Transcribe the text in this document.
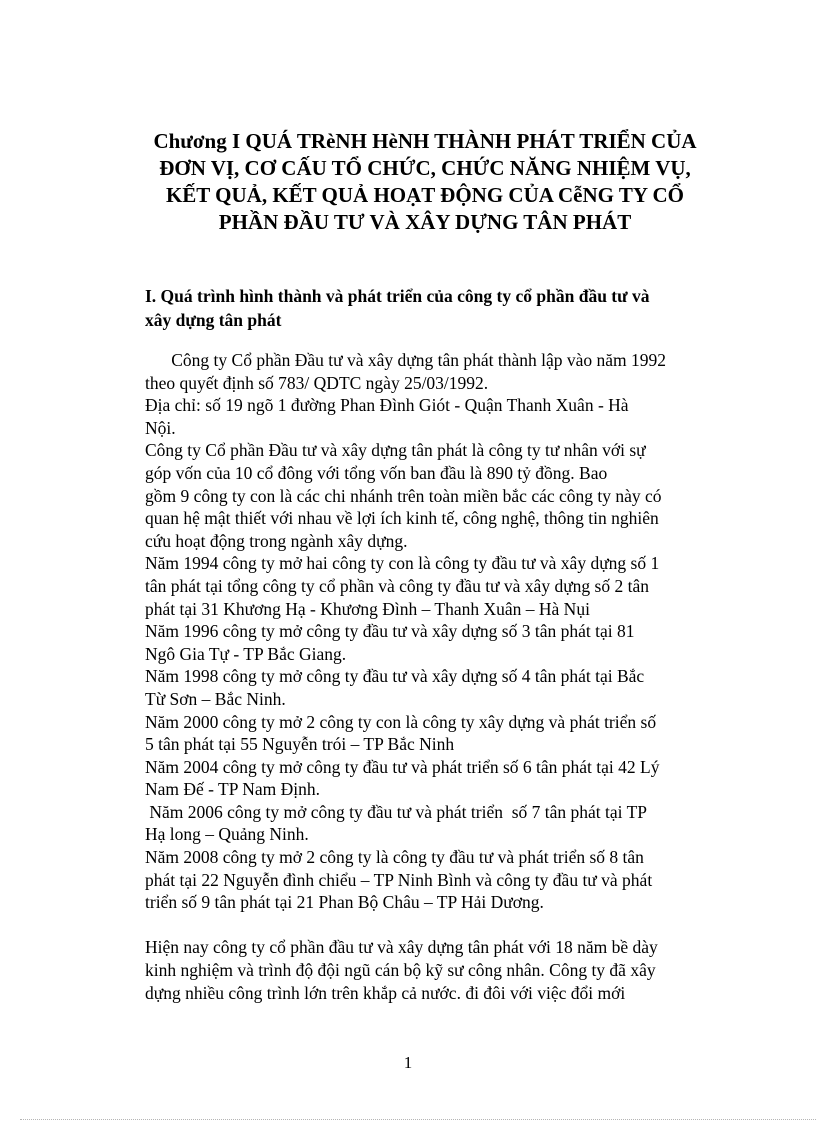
Chương I QUÁ TRèNH HèNH THÀNH PHÁT TRIỂN CỦA
ĐƠN VỊ, CƠ CẤU TỔ CHỨC, CHỨC NĂNG NHIỆM VỤ,
KẾT QUẢ, KẾT QUẢ HOẠT ĐỘNG CỦA CễNG TY CỔ
PHẦN ĐẦU TƯ VÀ XÂY DỰNG TÂN PHÁT
I. Quá trình hình thành và phát triển của công ty cổ phần đầu tư và
xây dựng tân phát
Công ty Cổ phần Đầu tư và xây dựng tân phát thành lập vào năm 1992
theo quyết định số 783/ QDTC ngày 25/03/1992.
Địa chỉ: số 19 ngõ 1 đường Phan Đình Giót - Quận Thanh Xuân - Hà
Nội.
Công ty Cổ phần Đầu tư và xây dựng tân phát là công ty tư nhân với sự
góp vốn của 10 cổ đông với tổng vốn ban đầu là 890 tỷ đồng. Bao
gồm 9 công ty con là các chi nhánh trên toàn miền bắc các công ty này có
quan hệ mật thiết với nhau về lợi ích kinh tế, công nghệ, thông tin nghiên
cứu hoạt động trong ngành xây dựng.
Năm 1994 công ty mở hai công ty con là công ty đầu tư và xây dựng số 1
tân phát tại tổng công ty cổ phần và công ty đầu tư và xây dựng số 2 tân
phát tại 31 Khương Hạ - Khương Đình – Thanh Xuân – Hà Nụi
Năm 1996 công ty mở công ty đầu tư và xây dựng số 3 tân phát tại 81
Ngô Gia Tự - TP Bắc Giang.
Năm 1998 công ty mở công ty đầu tư và xây dựng số 4 tân phát tại Bắc
Từ Sơn – Bắc Ninh.
Năm 2000 công ty mở 2 công ty con là công ty xây dựng và phát triển số
5 tân phát tại 55 Nguyễn trói – TP Bắc Ninh
Năm 2004 công ty mở công ty đầu tư và phát triển số 6 tân phát tại 42 Lý
Nam Đế - TP Nam Định.
Năm 2006 công ty mở công ty đầu tư và phát triển  số 7 tân phát tại TP
Hạ long – Quảng Ninh.
Năm 2008 công ty mở 2 công ty là công ty đầu tư và phát triển số 8 tân
phát tại 22 Nguyễn đình chiểu – TP Ninh Bình và công ty đầu tư và phát
triển số 9 tân phát tại 21 Phan Bộ Châu – TP Hải Dương.
Hiện nay công ty cổ phần đầu tư và xây dựng tân phát với 18 năm bề dày
kinh nghiệm và trình độ đội ngũ cán bộ kỹ sư công nhân. Công ty đã xây
dựng nhiều công trình lớn trên khắp cả nước. đi đôi với việc đổi mới
1
